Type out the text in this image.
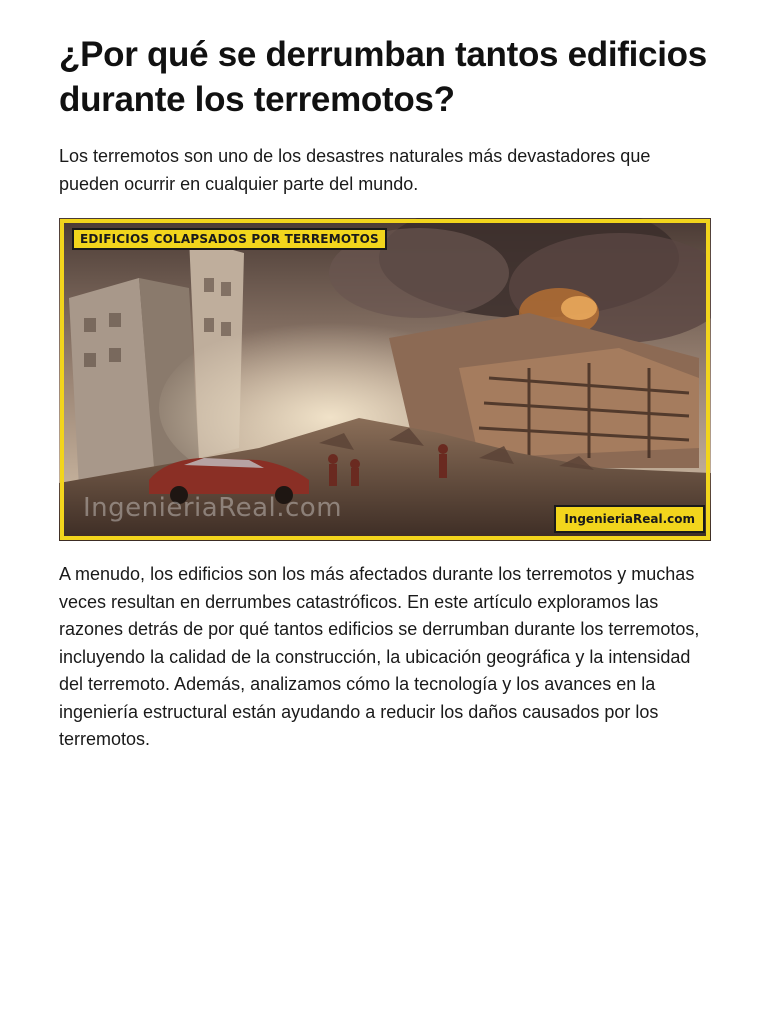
¿Por qué se derrumban tantos edificios durante los terremotos?

Los terremotos son uno de los desastres naturales más devastadores que pueden ocurrir en cualquier parte del mundo.

EDIFICIOS COLAPSADOS POR TERREMOTOS
IngenieriaReal.com	IngenieriaReal.com

A menudo, los edificios son los más afectados durante los terremotos y muchas veces resultan en derrumbes catastróficos. En este artículo exploramos las razones detrás de por qué tantos edificios se derrumban durante los terremotos, incluyendo la calidad de la construcción, la ubicación geográfica y la intensidad del terremoto. Además, analizamos cómo la tecnología y los avances en la ingeniería estructural están ayudando a reducir los daños causados por los terremotos.
